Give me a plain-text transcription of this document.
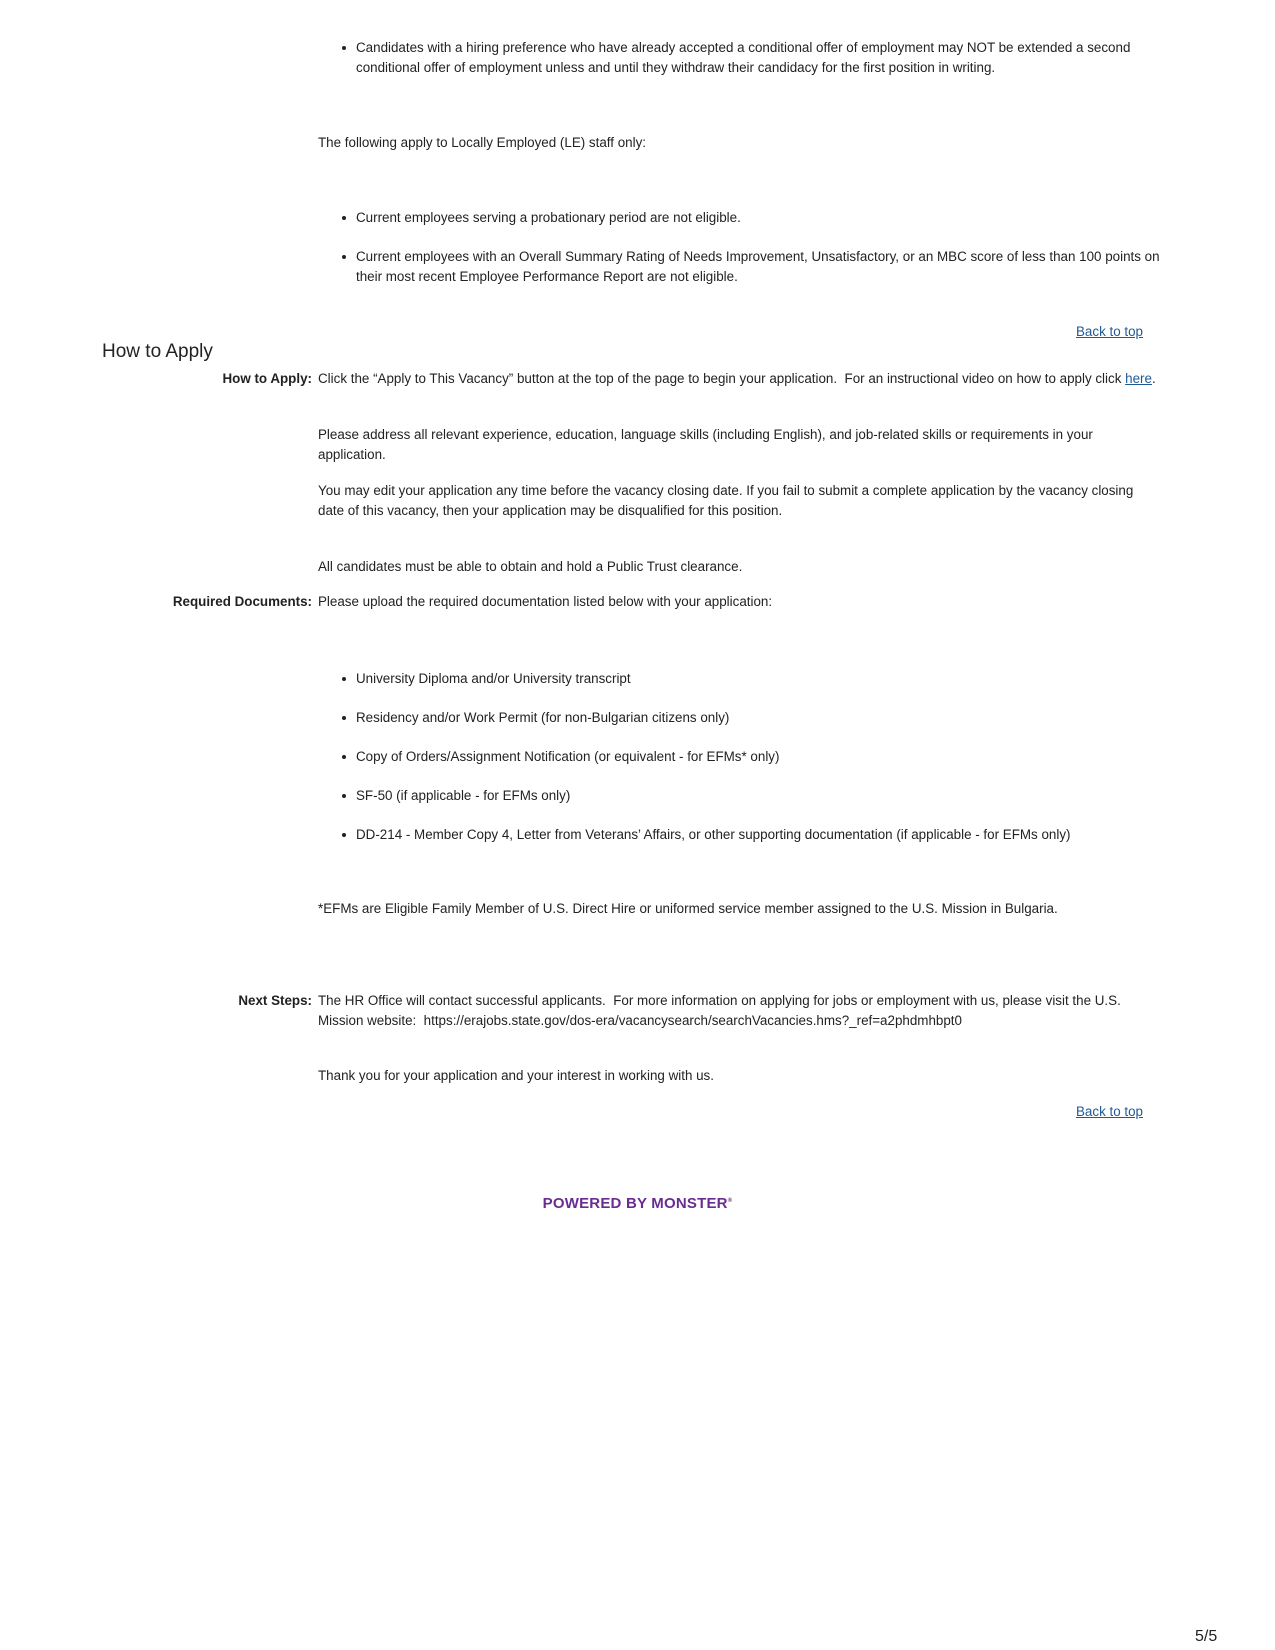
Candidates with a hiring preference who have already accepted a conditional offer of employment may NOT be extended a second conditional offer of employment unless and until they withdraw their candidacy for the first position in writing.
The following apply to Locally Employed (LE) staff only:
Current employees serving a probationary period are not eligible.
Current employees with an Overall Summary Rating of Needs Improvement, Unsatisfactory, or an MBC score of less than 100 points on their most recent Employee Performance Report are not eligible.
Back to top
How to Apply
How to Apply: Click the “Apply to This Vacancy” button at the top of the page to begin your application.  For an instructional video on how to apply click here.
Please address all relevant experience, education, language skills (including English), and job-related skills or requirements in your application.
You may edit your application any time before the vacancy closing date. If you fail to submit a complete application by the vacancy closing date of this vacancy, then your application may be disqualified for this position.
All candidates must be able to obtain and hold a Public Trust clearance.
Required Documents: Please upload the required documentation listed below with your application:
University Diploma and/or University transcript
Residency and/or Work Permit (for non-Bulgarian citizens only)
Copy of Orders/Assignment Notification (or equivalent - for EFMs* only)
SF-50 (if applicable - for EFMs only)
DD-214 - Member Copy 4, Letter from Veterans’ Affairs, or other supporting documentation (if applicable - for EFMs only)
*EFMs are Eligible Family Member of U.S. Direct Hire or uniformed service member assigned to the U.S. Mission in Bulgaria.
Next Steps: The HR Office will contact successful applicants.  For more information on applying for jobs or employment with us, please visit the U.S. Mission website:  https://erajobs.state.gov/dos-era/vacancysearch/searchVacancies.hms?_ref=a2phdmhbpt0
Thank you for your application and your interest in working with us.
Back to top
POWERED BY MONSTER®
5/5
